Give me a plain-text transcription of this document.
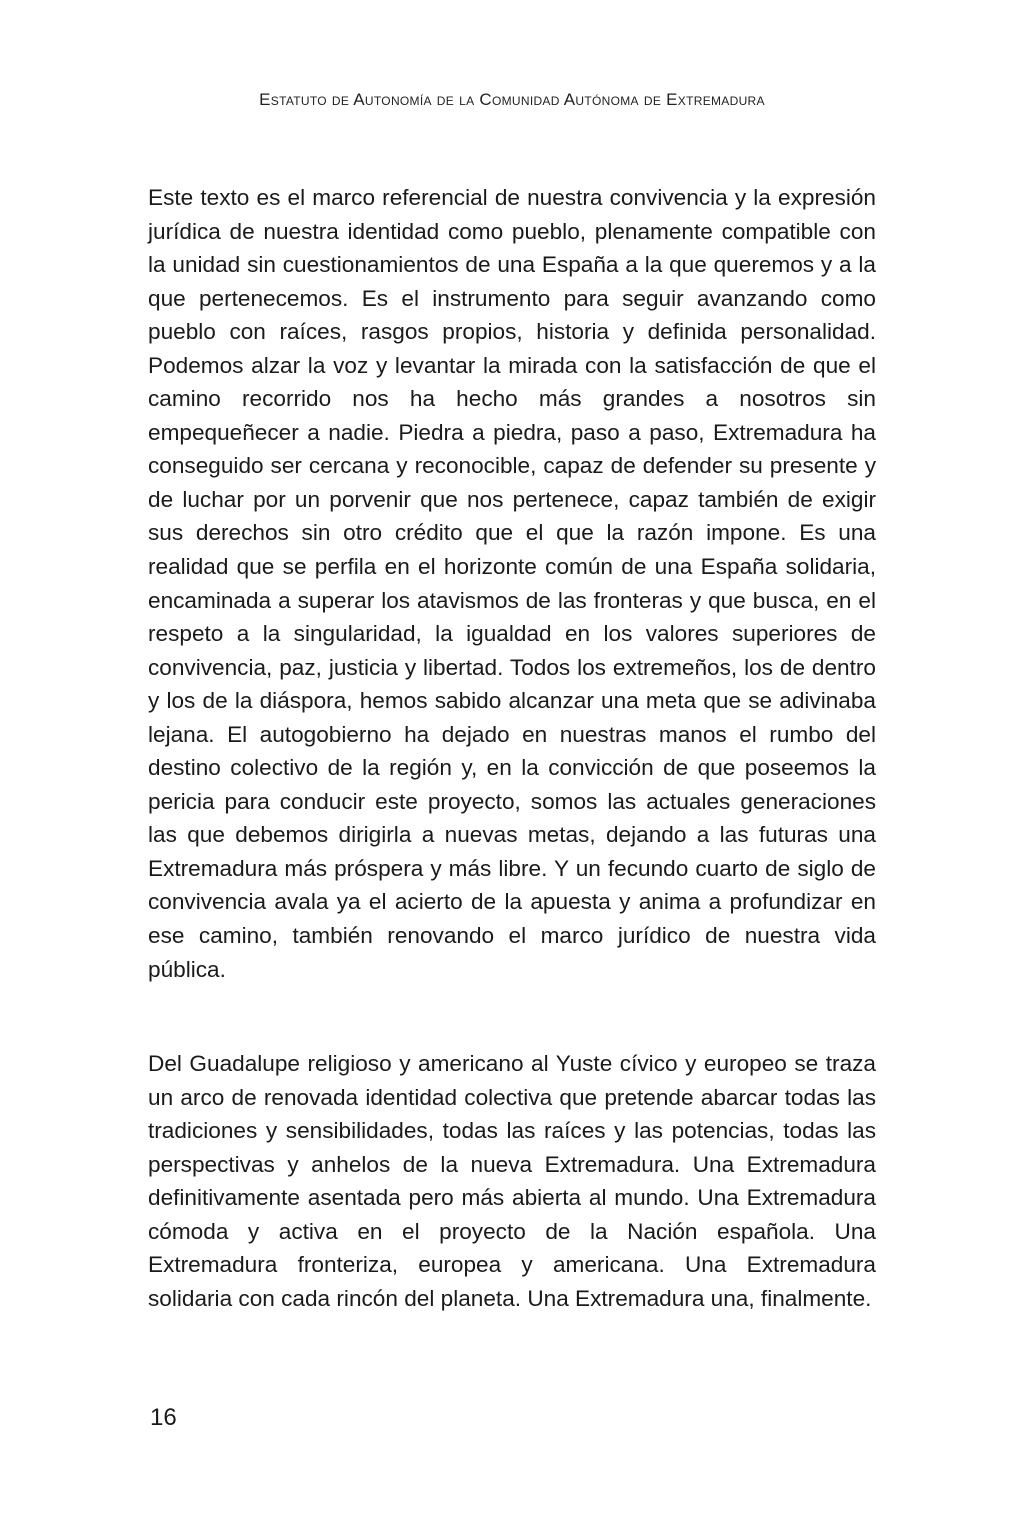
Estatuto de Autonomía de la Comunidad Autónoma de Extremadura

Este texto es el marco referencial de nuestra convivencia y la expresión jurídica de nuestra identidad como pueblo, plenamente compatible con la unidad sin cuestionamientos de una España a la que queremos y a la que pertenecemos. Es el instrumento para seguir avanzando como pueblo con raíces, rasgos propios, historia y definida personalidad. Podemos alzar la voz y levantar la mirada con la satisfacción de que el camino recorrido nos ha hecho más grandes a nosotros sin empequeñecer a nadie. Piedra a piedra, paso a paso, Extremadura ha conseguido ser cercana y reconocible, capaz de defender su presente y de luchar por un porvenir que nos pertenece, capaz también de exigir sus derechos sin otro crédito que el que la razón impone. Es una realidad que se perfila en el horizonte común de una España solidaria, encaminada a superar los atavismos de las fronteras y que busca, en el respeto a la singularidad, la igualdad en los valores superiores de convivencia, paz, justicia y libertad. Todos los extremeños, los de dentro y los de la diáspora, hemos sabido alcanzar una meta que se adivinaba lejana. El autogobierno ha dejado en nuestras manos el rumbo del destino colectivo de la región y, en la convicción de que poseemos la pericia para conducir este proyecto, somos las actuales generaciones las que debemos dirigirla a nuevas metas, dejando a las futuras una Extremadura más próspera y más libre. Y un fecundo cuarto de siglo de convivencia avala ya el acierto de la apuesta y anima a profundizar en ese camino, también renovando el marco jurídico de nuestra vida pública.

Del Guadalupe religioso y americano al Yuste cívico y europeo se traza un arco de renovada identidad colectiva que pretende abarcar todas las tradiciones y sensibilidades, todas las raíces y las potencias, todas las perspectivas y anhelos de la nueva Extremadura. Una Extremadura definitivamente asentada pero más abierta al mundo. Una Extremadura cómoda y activa en el proyecto de la Nación española. Una Extremadura fronteriza, europea y americana. Una Extremadura solidaria con cada rincón del planeta. Una Extremadura una, finalmente.

16
